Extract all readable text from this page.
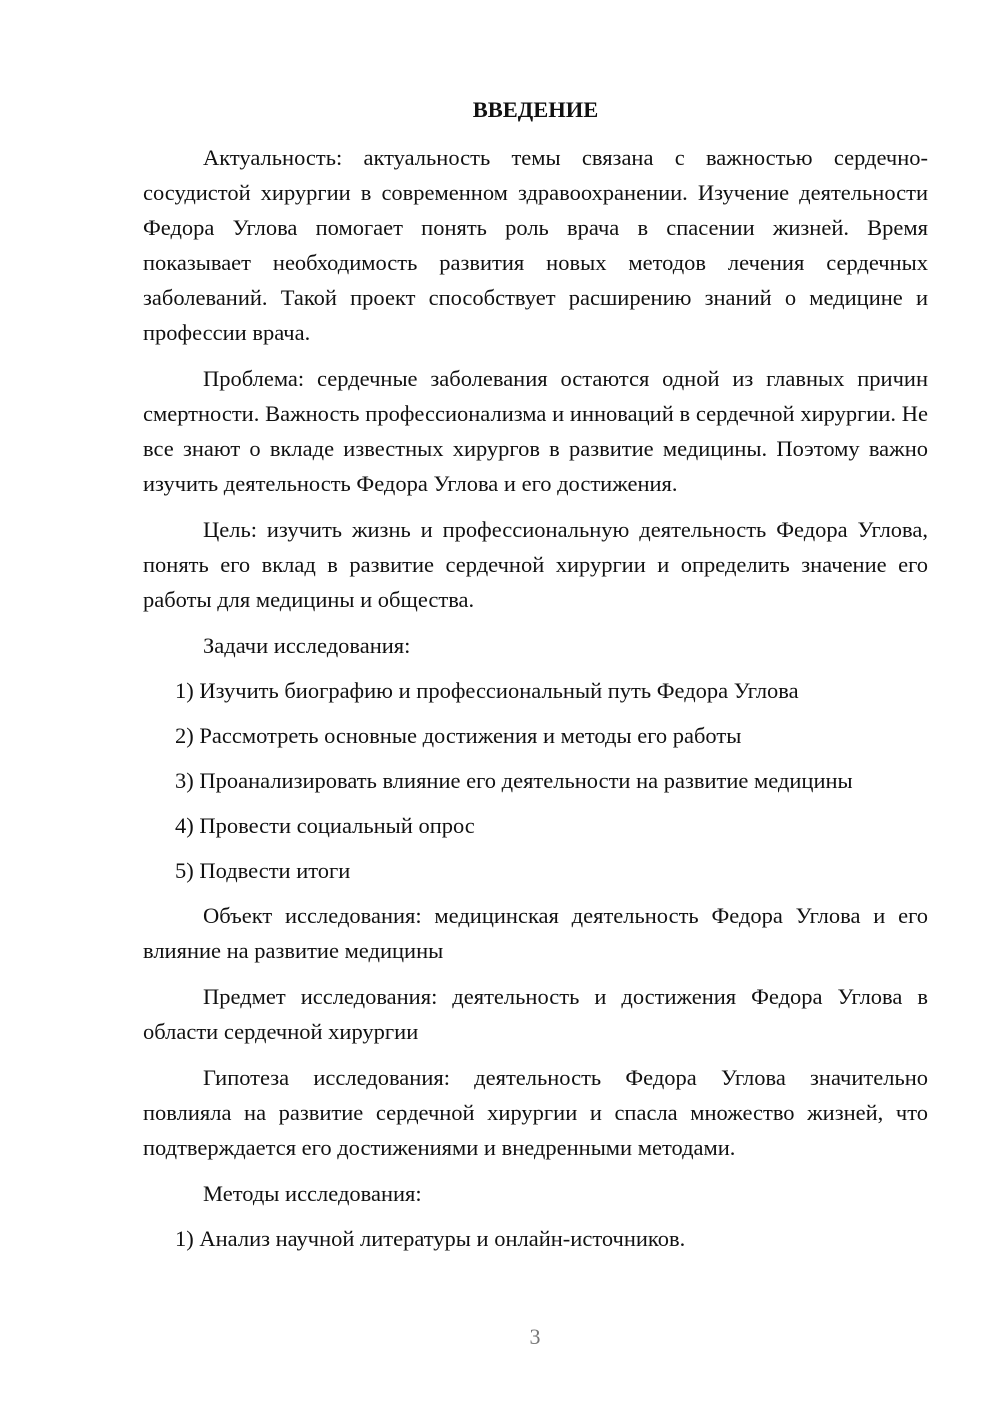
ВВЕДЕНИЕ

Актуальность: актуальность темы связана с важностью сердечно-сосудистой хирургии в современном здравоохранении. Изучение деятельности Федора Углова помогает понять роль врача в спасении жизней. Время показывает необходимость развития новых методов лечения сердечных заболеваний. Такой проект способствует расширению знаний о медицине и профессии врача.

Проблема: сердечные заболевания остаются одной из главных причин смертности. Важность профессионализма и инноваций в сердечной хирургии. Не все знают о вкладе известных хирургов в развитие медицины. Поэтому важно изучить деятельность Федора Углова и его достижения.

Цель: изучить жизнь и профессиональную деятельность Федора Углова, понять его вклад в развитие сердечной хирургии и определить значение его работы для медицины и общества.

Задачи исследования:

1) Изучить биографию и профессиональный путь Федора Углова
2) Рассмотреть основные достижения и методы его работы
3) Проанализировать влияние его деятельности на развитие медицины
4) Провести социальный опрос
5) Подвести итоги

Объект исследования: медицинская деятельность Федора Углова и его влияние на развитие медицины

Предмет исследования: деятельность и достижения Федора Углова в области сердечной хирургии

Гипотеза исследования: деятельность Федора Углова значительно повлияла на развитие сердечной хирургии и спасла множество жизней, что подтверждается его достижениями и внедренными методами.

Методы исследования:

1) Анализ научной литературы и онлайн-источников.
3
